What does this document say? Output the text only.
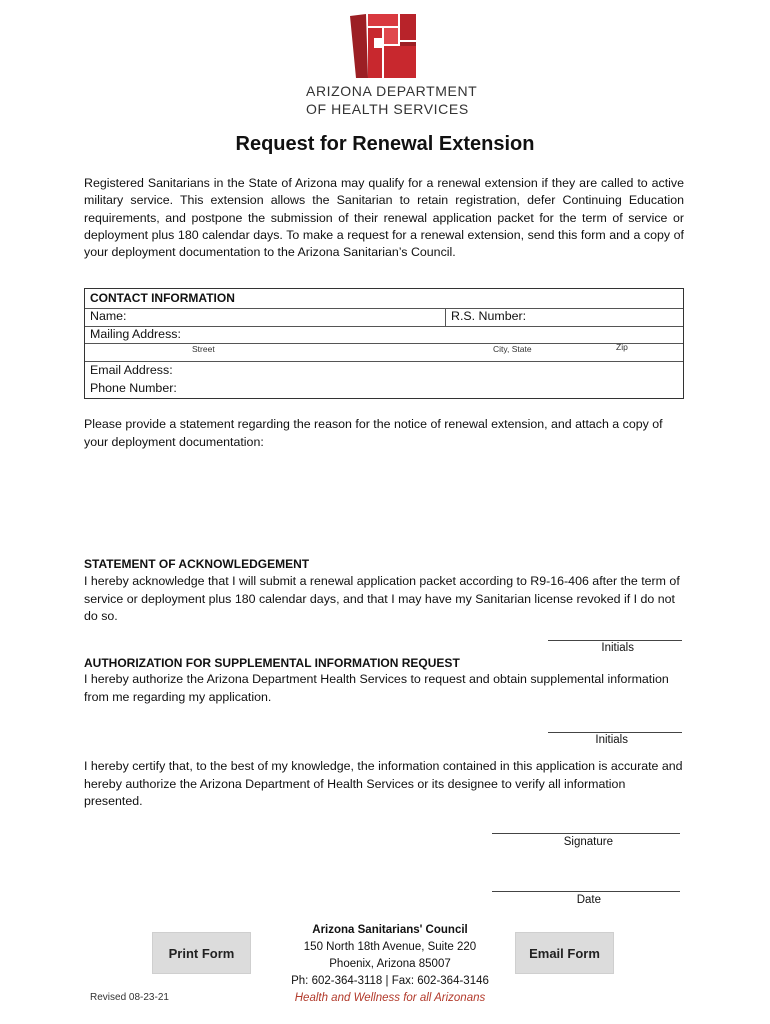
ARIZONA DEPARTMENT
OF HEALTH SERVICES
Request for Renewal Extension
Registered Sanitarians in the State of Arizona may qualify for a renewal extension if they are called to active military service. This extension allows the Sanitarian to retain registration, defer Continuing Education requirements, and postpone the submission of their renewal application packet for the term of service or deployment plus 180 calendar days. To make a request for a renewal extension, send this form and a copy of your deployment documentation to the Arizona Sanitarian’s Council.
CONTACT INFORMATION
Name:	R.S. Number:
Mailing Address:
Street	City, State	Zip
Email Address:
Phone Number:
Please provide a statement regarding the reason for the notice of renewal extension, and attach a copy of your deployment documentation:
STATEMENT OF ACKNOWLEDGEMENT
I hereby acknowledge that I will submit a renewal application packet according to R9-16-406 after the term of service or deployment plus 180 calendar days, and that I may have my Sanitarian license revoked if I do not do so.
Initials
AUTHORIZATION FOR SUPPLEMENTAL INFORMATION REQUEST
I hereby authorize the Arizona Department Health Services to request and obtain supplemental information from me regarding my application.
Initials
I hereby certify that, to the best of my knowledge, the information contained in this application is accurate and hereby authorize the Arizona Department of Health Services or its designee to verify all information presented.
Signature
Date
Print Form	Email Form
Arizona Sanitarians' Council
150 North 18th Avenue, Suite 220
Phoenix, Arizona 85007
Ph: 602-364-3118 | Fax: 602-364-3146
Health and Wellness for all Arizonans
Revised 08-23-21
